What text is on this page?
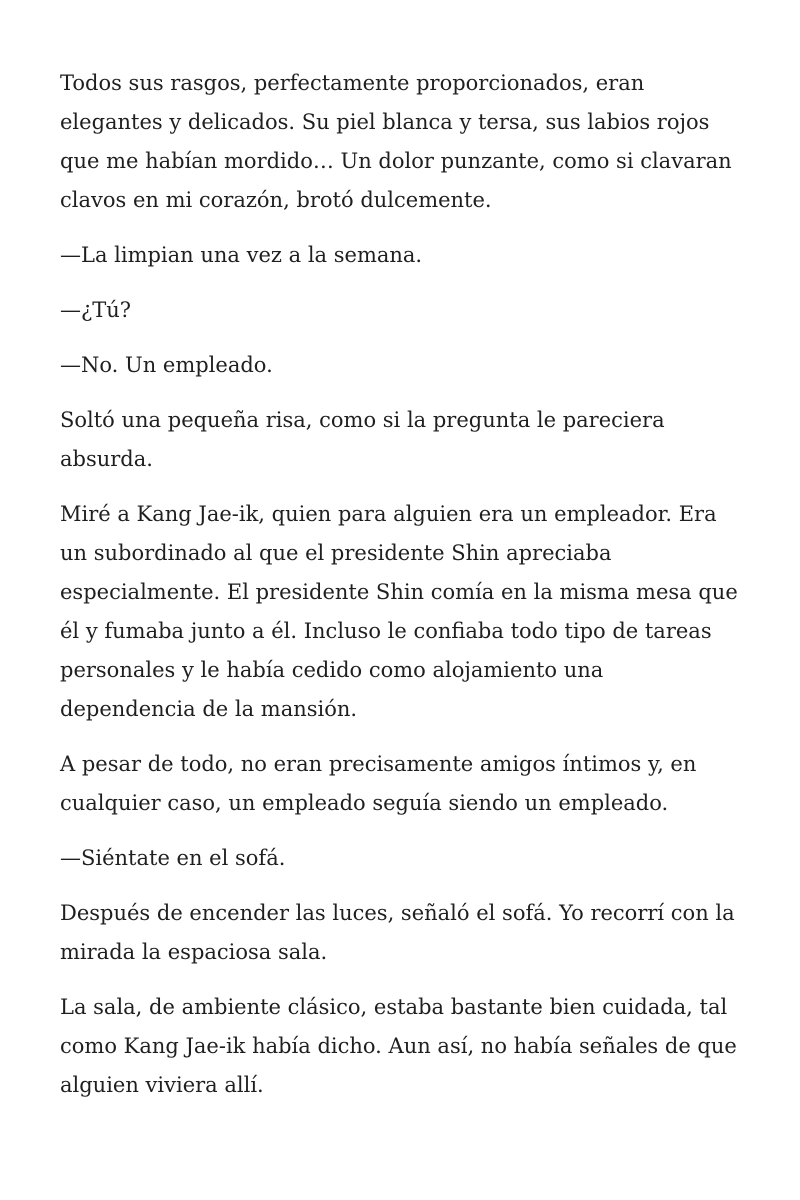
Todos sus rasgos, perfectamente proporcionados, eran elegantes y delicados. Su piel blanca y tersa, sus labios rojos que me habían mordido… Un dolor punzante, como si clavaran clavos en mi corazón, brotó dulcemente.

—La limpian una vez a la semana.

—¿Tú?

—No. Un empleado.

Soltó una pequeña risa, como si la pregunta le pareciera absurda.

Miré a Kang Jae-ik, quien para alguien era un empleador. Era un subordinado al que el presidente Shin apreciaba especialmente. El presidente Shin comía en la misma mesa que él y fumaba junto a él. Incluso le confiaba todo tipo de tareas personales y le había cedido como alojamiento una dependencia de la mansión.

A pesar de todo, no eran precisamente amigos íntimos y, en cualquier caso, un empleado seguía siendo un empleado.

—Siéntate en el sofá.

Después de encender las luces, señaló el sofá. Yo recorrí con la mirada la espaciosa sala.

La sala, de ambiente clásico, estaba bastante bien cuidada, tal como Kang Jae-ik había dicho. Aun así, no había señales de que alguien viviera allí.
